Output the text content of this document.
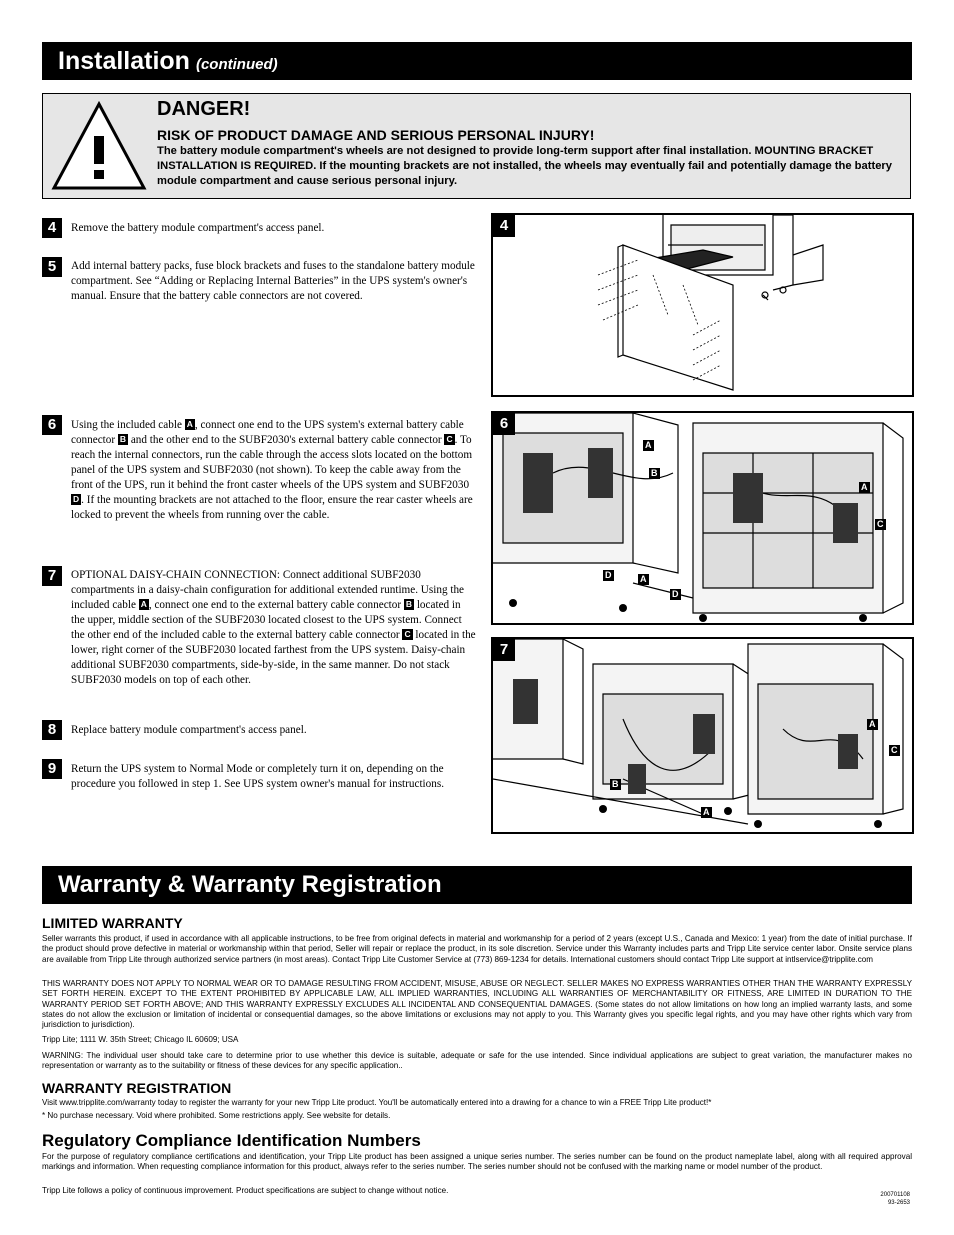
Installation (continued)
DANGER!
RISK OF PRODUCT DAMAGE AND SERIOUS PERSONAL INJURY!
The battery module compartment's wheels are not designed to provide long-term support after final installation. MOUNTING BRACKET INSTALLATION IS REQUIRED. If the mounting brackets are not installed, the wheels may eventually fail and potentially damage the battery module compartment and cause serious personal injury.
4	Remove the battery module compartment's access panel.
5	Add internal battery packs, fuse block brackets and fuses to the standalone battery module compartment. See “Adding or Replacing Internal Batteries” in the UPS system's owner's manual. Ensure that the battery cable connectors are not covered.
6	Using the included cable A , connect one end to the UPS system's external battery cable connector B and the other end to the SUBF2030's external battery cable connector C . To reach the internal connectors, run the cable through the access slots located on the bottom panel of the UPS system and SUBF2030 (not shown). To keep the cable away from the front of the UPS, run it behind the front caster wheels of the UPS system and SUBF2030 D . If the mounting brackets are not attached to the floor, ensure the rear caster wheels are locked to prevent the wheels from running over the cable.
7	OPTIONAL DAISY-CHAIN CONNECTION: Connect additional SUBF2030 compartments in a daisy-chain configuration for additional extended runtime. Using the included cable A , connect one end to the external battery cable connector B located in the upper, middle section of the SUBF2030 located closest to the UPS system. Connect the other end of the included cable to the external battery cable connector C located in the lower, right corner of the SUBF2030 located farthest from the UPS system. Daisy-chain additional SUBF2030 compartments, side-by-side, in the same manner. Do not stack SUBF2030 models on top of each other.
8	Replace battery module compartment's access panel.
9	Return the UPS system to Normal Mode or completely turn it on, depending on the procedure you followed in step 1. See UPS system owner's manual for instructions.
4
6
A
B
A
C
D	A
D
7
A
C
B
A
Warranty & Warranty Registration
LIMITED WARRANTY
Seller warrants this product, if used in accordance with all applicable instructions, to be free from original defects in material and workmanship for a period of 2 years (except U.S., Canada and Mexico: 1 year) from the date of initial purchase. If the product should prove defective in material or workmanship within that period, Seller will repair or replace the product, in its sole discretion. Service under this Warranty includes parts and Tripp Lite service center labor. Onsite service plans are available from Tripp Lite through authorized service partners (in most areas). Contact Tripp Lite Customer Service at (773) 869-1234 for details. International customers should contact Tripp Lite support at intlservice@tripplite.com
THIS WARRANTY DOES NOT APPLY TO NORMAL WEAR OR TO DAMAGE RESULTING FROM ACCIDENT, MISUSE, ABUSE OR NEGLECT. SELLER MAKES NO EXPRESS WARRANTIES OTHER THAN THE WARRANTY EXPRESSLY SET FORTH HEREIN. EXCEPT TO THE EXTENT PROHIBITED BY APPLICABLE LAW, ALL IMPLIED WARRANTIES, INCLUDING ALL WARRANTIES OF MERCHANTABILITY OR FITNESS, ARE LIMITED IN DURATION TO THE WARRANTY PERIOD SET FORTH ABOVE; AND THIS WARRANTY EXPRESSLY EXCLUDES ALL INCIDENTAL AND CONSEQUENTIAL DAMAGES. (Some states do not allow limitations on how long an implied warranty lasts, and some states do not allow the exclusion or limitation of incidental or consequential damages, so the above limitations or exclusions may not apply to you. This Warranty gives you specific legal rights, and you may have other rights which vary from jurisdiction to jurisdiction).
Tripp Lite; 1111 W. 35th Street; Chicago IL 60609; USA
WARNING: The individual user should take care to determine prior to use whether this device is suitable, adequate or safe for the use intended. Since individual applications are subject to great variation, the manufacturer makes no representation or warranty as to the suitability or fitness of these devices for any specific application..
WARRANTY REGISTRATION
Visit www.tripplite.com/warranty today to register the warranty for your new Tripp Lite product. You'll be automatically entered into a drawing for a chance to win a FREE Tripp Lite product!*
* No purchase necessary. Void where prohibited. Some restrictions apply. See website for details.
Regulatory Compliance Identification Numbers
For the purpose of regulatory compliance certifications and identification, your Tripp Lite product has been assigned a unique series number. The series number can be found on the product nameplate label, along with all required approval markings and information. When requesting compliance information for this product, always refer to the series number. The series number should not be confused with the marking name or model number of the product.
Tripp Lite follows a policy of continuous improvement. Product specifications are subject to change without notice.	200701108
93-2653
